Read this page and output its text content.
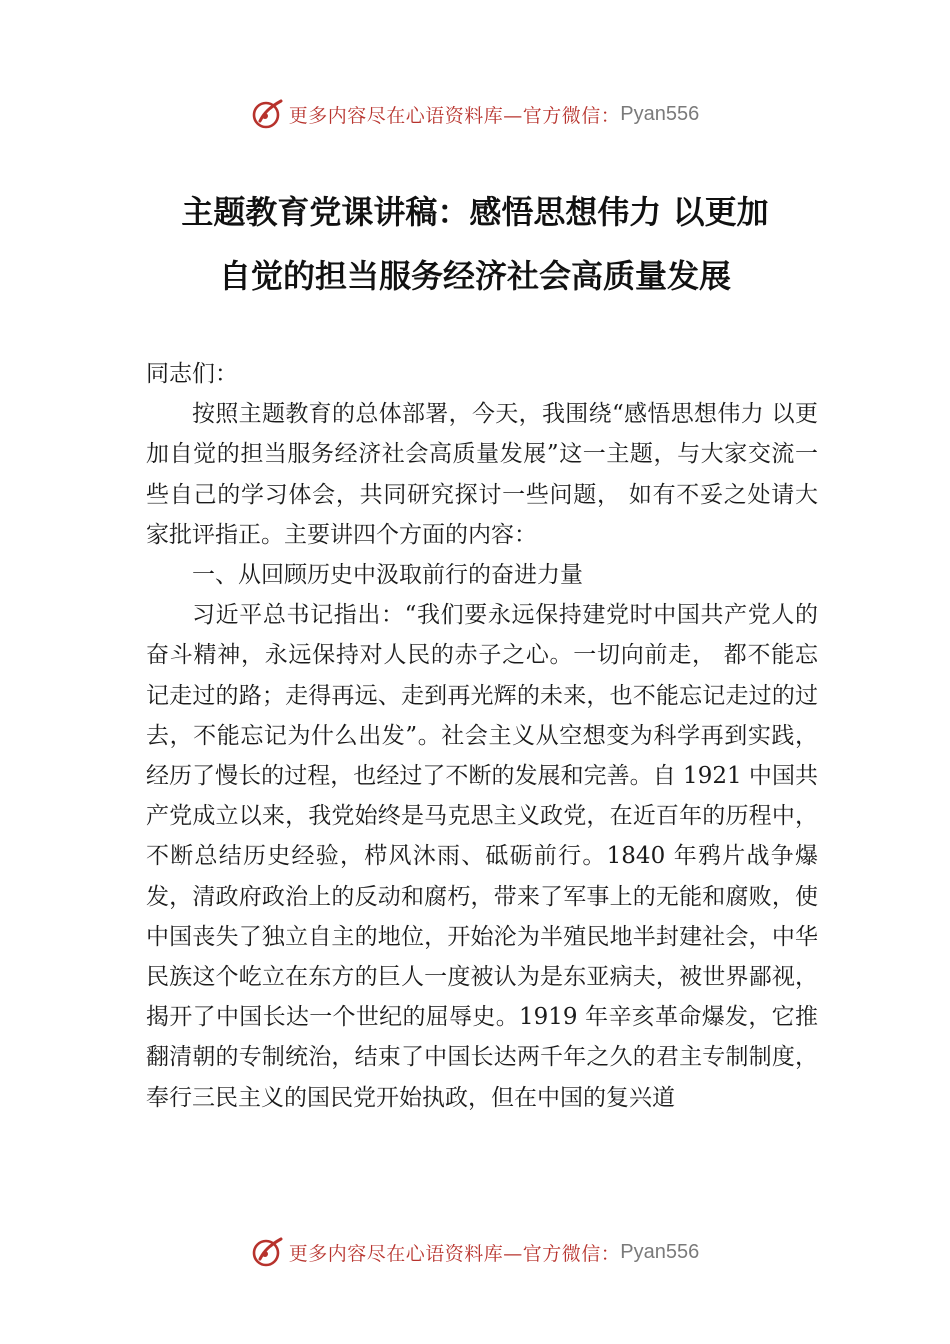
更多内容尽在心语资料库—官方微信： Pyan556
主题教育党课讲稿：感悟思想伟力 以更加
自觉的担当服务经济社会高质量发展

同志们：

按照主题教育的总体部署，今天，我围绕“感悟思想伟力 以更加自觉的担当服务经济社会高质量发展”这一主题，与大家交流一些自己的学习体会，共同研究探讨一些问题， 如有不妥之处请大家批评指正。主要讲四个方面的内容：

一、从回顾历史中汲取前行的奋进力量

习近平总书记指出：“我们要永远保持建党时中国共产党人的奋斗精神，永远保持对人民的赤子之心。一切向前走， 都不能忘记走过的路；走得再远、走到再光辉的未来，也不能忘记走过的过去，不能忘记为什么出发”。社会主义从空想变为科学再到实践，经历了慢长的过程，也经过了不断的发展和完善。自 1921 中国共产党成立以来，我党始终是马克思主义政党，在近百年的历程中，不断总结历史经验，栉风沐雨、砥砺前行。1840 年鸦片战争爆发，清政府政治上的反动和腐朽，带来了军事上的无能和腐败，使中国丧失了独立自主的地位，开始沦为半殖民地半封建社会，中华民族这个屹立在东方的巨人一度被认为是东亚病夫，被世界鄙视，揭开了中国长达一个世纪的屈辱史。1919 年辛亥革命爆发，它推翻清朝的专制统治，结束了中国长达两千年之久的君主专制制度，奉行三民主义的国民党开始执政，但在中国的复兴道

更多内容尽在心语资料库—官方微信： Pyan556
